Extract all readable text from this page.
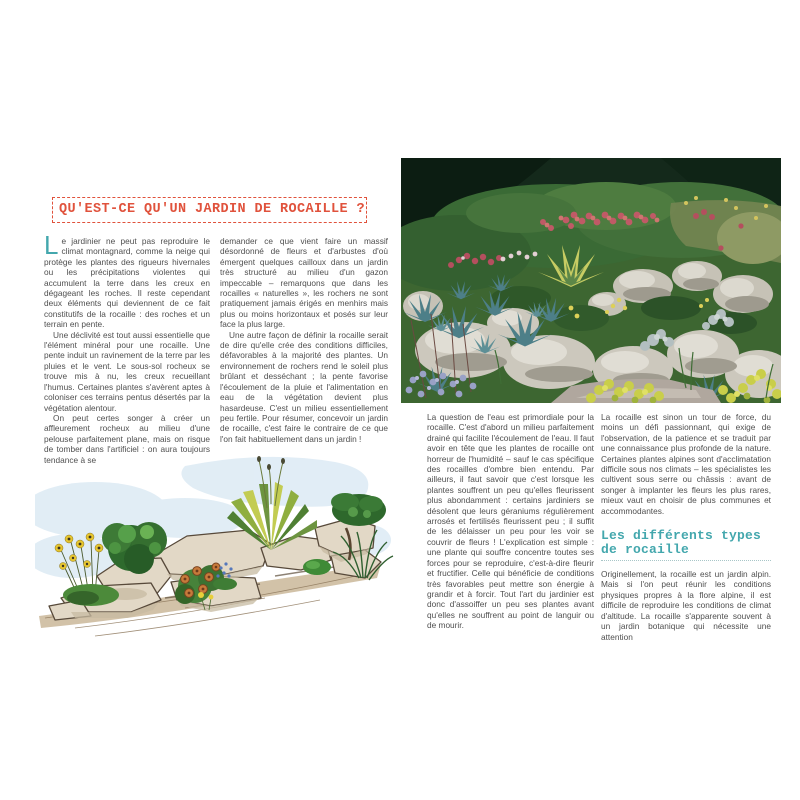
QU'EST-CE QU'UN JARDIN DE ROCAILLE ?

Le jardinier ne peut pas reproduire le climat montagnard, comme la neige qui protège les plantes des rigueurs hivernales ou les précipitations violentes qui accumulent la terre dans les creux en dégageant les roches. Il reste cependant deux éléments qui deviennent de ce fait constitutifs de la rocaille : des roches et un terrain en pente.

Une déclivité est tout aussi essentielle que l'élément minéral pour une rocaille. Une pente induit un ravinement de la terre par les pluies et le vent. Le sous-sol rocheux se trouve mis à nu, les creux recueillant l'humus. Certaines plantes s'avèrent aptes à coloniser ces terrains pentus désertés par la végétation alentour.

On peut certes songer à créer un affleurement rocheux au milieu d'une pelouse parfaitement plane, mais on risque de tomber dans l'artificiel : on aura toujours tendance à se

demander ce que vient faire un massif désordonné de fleurs et d'arbustes d'où émergent quelques cailloux dans un jardin très structuré au milieu d'un gazon impeccable – remarquons que dans les rocailles « naturelles », les rochers ne sont pratiquement jamais érigés en menhirs mais plus ou moins horizontaux et posés sur leur face la plus large.

Une autre façon de définir la rocaille serait de dire qu'elle crée des conditions difficiles, défavorables à la majorité des plantes. Un environnement de rochers rend le soleil plus brûlant et desséchant ; la pente favorise l'écoulement de la pluie et l'alimentation en eau de la végétation devient plus hasardeuse. C'est un milieu essentiellement peu fertile. Pour résumer, concevoir un jardin de rocaille, c'est faire le contraire de ce que l'on fait habituellement dans un jardin !

La question de l'eau est primordiale pour la rocaille. C'est d'abord un milieu parfaitement drainé qui facilite l'écoulement de l'eau. Il faut avoir en tête que les plantes de rocaille ont horreur de l'humidité – sauf le cas spécifique des rocailles d'ombre bien entendu. Par ailleurs, il faut savoir que c'est lorsque les plantes souffrent un peu qu'elles fleurissent plus abondamment : certains jardiniers se désolent que leurs géraniums régulièrement arrosés et fertilisés fleurissent peu ; il suffit de les délaisser un peu pour les voir se couvrir de fleurs ! L'explication est simple : une plante qui souffre concentre toutes ses forces pour se reproduire, c'est-à-dire fleurir et fructifier. Celle qui bénéficie de conditions très favorables peut mettre son énergie à grandir et à forcir. Tout l'art du jardinier est donc d'assoiffer un peu ses plantes avant qu'elles ne souffrent au point de languir ou de mourir.

La rocaille est sinon un tour de force, du moins un défi passionnant, qui exige de l'observation, de la patience et se traduit par une connaissance plus profonde de la nature. Certaines plantes alpines sont d'acclimatation difficile sous nos climats – les spécialistes les cultivent sous serre ou châssis : avant de songer à implanter les fleurs les plus rares, mieux vaut en choisir de plus communes et accommodantes.

Les différents types de rocaille

Originellement, la rocaille est un jardin alpin. Mais si l'on peut réunir les conditions physiques propres à la flore alpine, il est difficile de reproduire les conditions de climat d'altitude. La rocaille s'apparente souvent à un jardin botanique qui nécessite une attention
